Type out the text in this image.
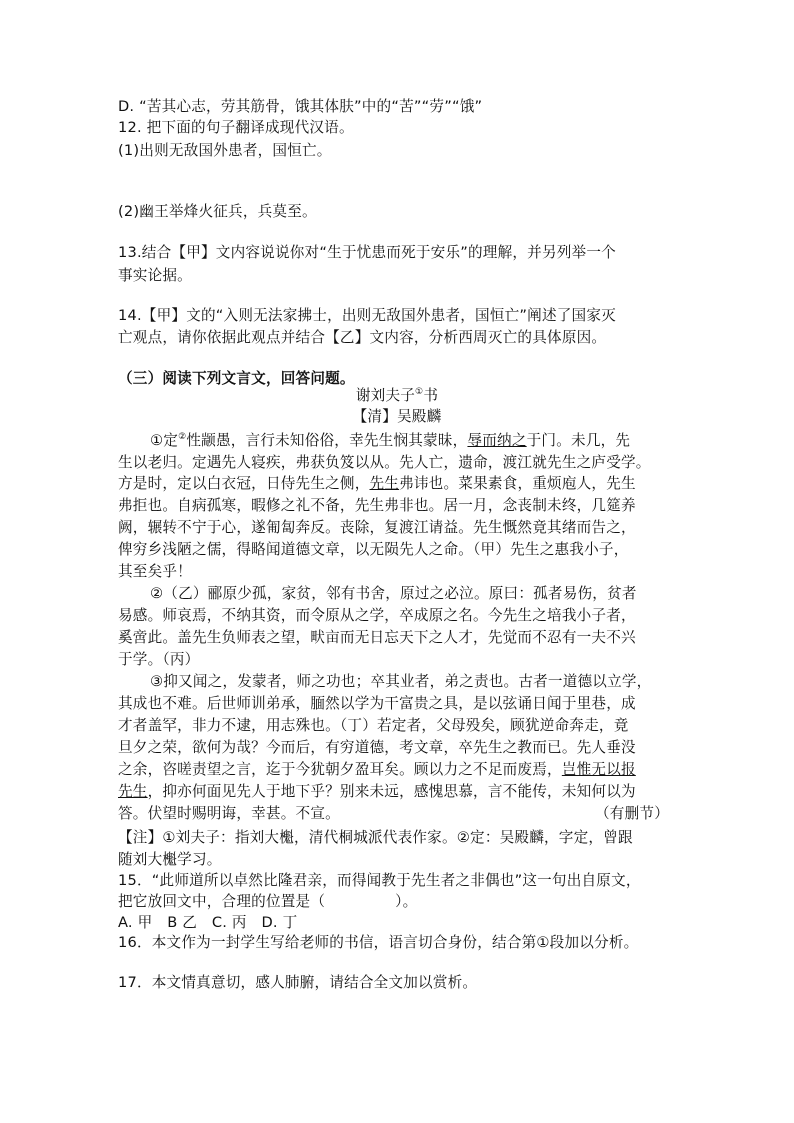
D. “苦其心志，劳其筋骨，饿其体肤”中的“苦”“劳”“饿”
12. 把下面的句子翻译成现代汉语。
(1)出则无敌国外患者，国恒亡。
(2)幽王举烽火征兵，兵莫至。
13.结合【甲】文内容说说你对“生于忧患而死于安乐”的理解，并另列举一个
事实论据。
14.【甲】文的“入则无法家拂士，出则无敌国外患者，国恒亡”阐述了国家灭
亡观点，请你依据此观点并结合【乙】文内容，分析西周灭亡的具体原因。
（三）阅读下列文言文，回答问题。
谢刘夫子①书
【清】吴殿麟
①定②性颛愚，言行未知俗俗，幸先生悯其蒙昧，辱而纳之于门。未几，先
生以老归。定遇先人寝疾，弗获负笈以从。先人亡，遗命，渡江就先生之庐受学。
方是时，定以白衣冠，日侍先生之侧，先生弗讳也。菜果素食，重烦庖人，先生
弗拒也。自病孤寒，暇修之礼不备，先生弗非也。居一月，念丧制未终，几筵养
阙，辗转不宁于心，遂匍匐奔反。丧除，复渡江请益。先生慨然竟其绪而告之，
俾穷乡浅陋之儒，得略闻道德文章，以无陨先人之命。（甲）先生之惠我小子，
其至矣乎！
②（乙）郦原少孤，家贫，邻有书舍，原过之必泣。原曰：孤者易伤，贫者
易感。师哀焉，不纳其资，而令原从之学，卒成原之名。今先生之培我小子者，
奚啻此。盖先生负师表之望，畎亩而无日忘天下之人才，先觉而不忍有一夫不兴
于学。（丙）
③抑又闻之，发蒙者，师之功也；卒其业者，弟之责也。古者一道德以立学，
其成也不难。后世师训弟承，腼然以学为干富贵之具，是以弦诵日闻于里巷，成
才者盖罕，非力不逮，用志殊也。（丁）若定者，父母殁矣，顾犹逆命奔走，竟
旦夕之荣，欲何为哉？今而后，有穷道德，考文章，卒先生之教而已。先人垂没
之余，咨嗟责望之言，迄于今犹朝夕盈耳矣。顾以力之不足而废焉，岂惟无以报
先生，抑亦何面见先人于地下乎？别来未远，感愧思慕，言不能传，未知何以为
答。伏望时赐明诲，幸甚。不宣。	（有删节）
【注】①刘夫子：指刘大櫆，清代桐城派代表作家。②定：吴殿麟，字定，曾跟
随刘大櫆学习。
15．“此师道所以卓然比隆君亲，而得闻教于先生者之非偶也”这一句出自原文，
把它放回文中，合理的位置是（	）。
A. 甲　B 乙　C. 丙　D. 丁
16．本文作为一封学生写给老师的书信，语言切合身份，结合第①段加以分析。
17．本文情真意切，感人肺腑，请结合全文加以赏析。
